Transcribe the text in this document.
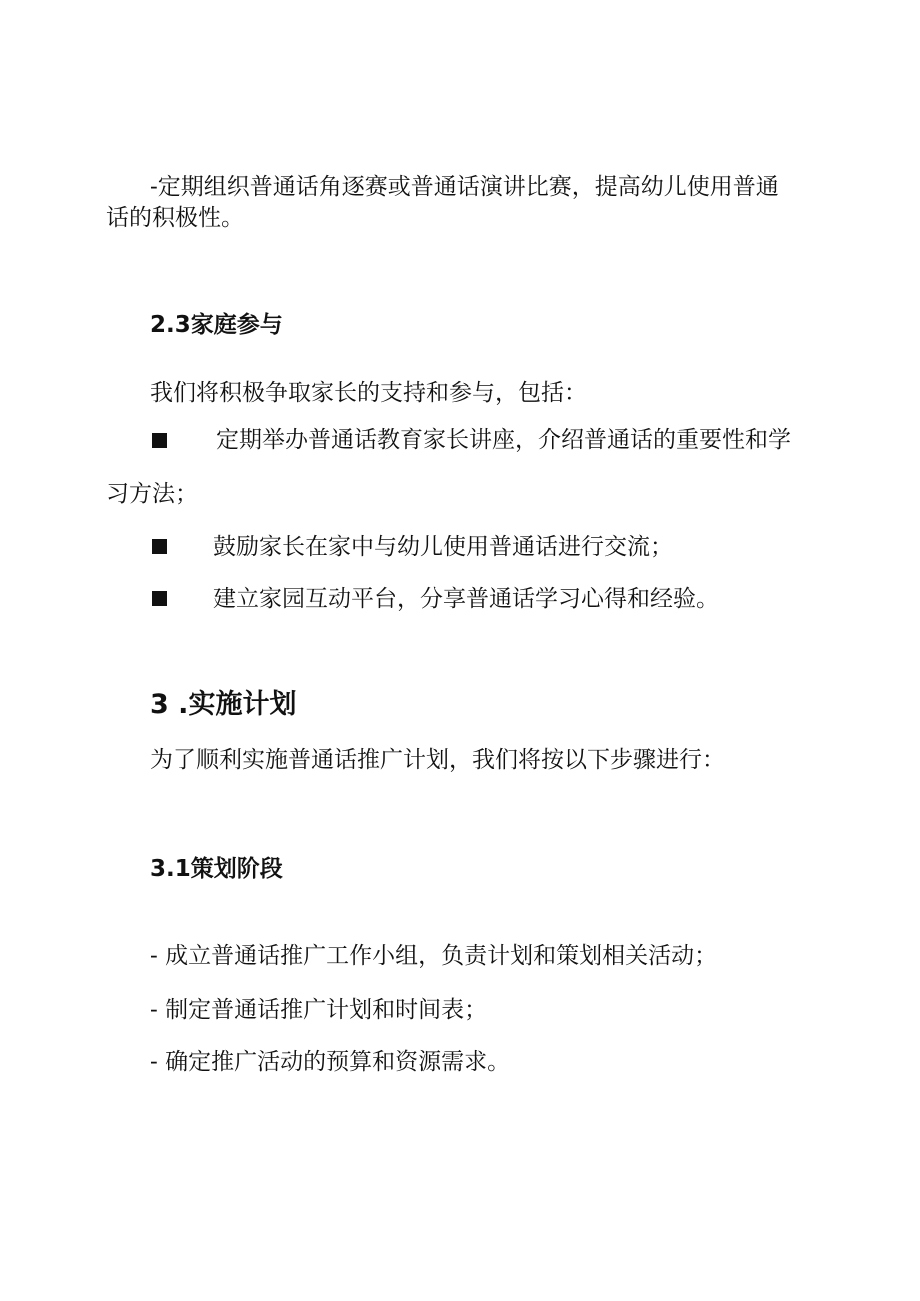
-定期组织普通话角逐赛或普通话演讲比赛，提高幼儿使用普通

话的积极性。

2.3家庭参与

我们将积极争取家长的支持和参与，包括：

定期举办普通话教育家长讲座，介绍普通话的重要性和学

习方法；

鼓励家长在家中与幼儿使用普通话进行交流；

建立家园互动平台，分享普通话学习心得和经验。

3 .实施计划

为了顺利实施普通话推广计划，我们将按以下步骤进行：

3.1策划阶段

- 成立普通话推广工作小组，负责计划和策划相关活动；

- 制定普通话推广计划和时间表；

- 确定推广活动的预算和资源需求。
